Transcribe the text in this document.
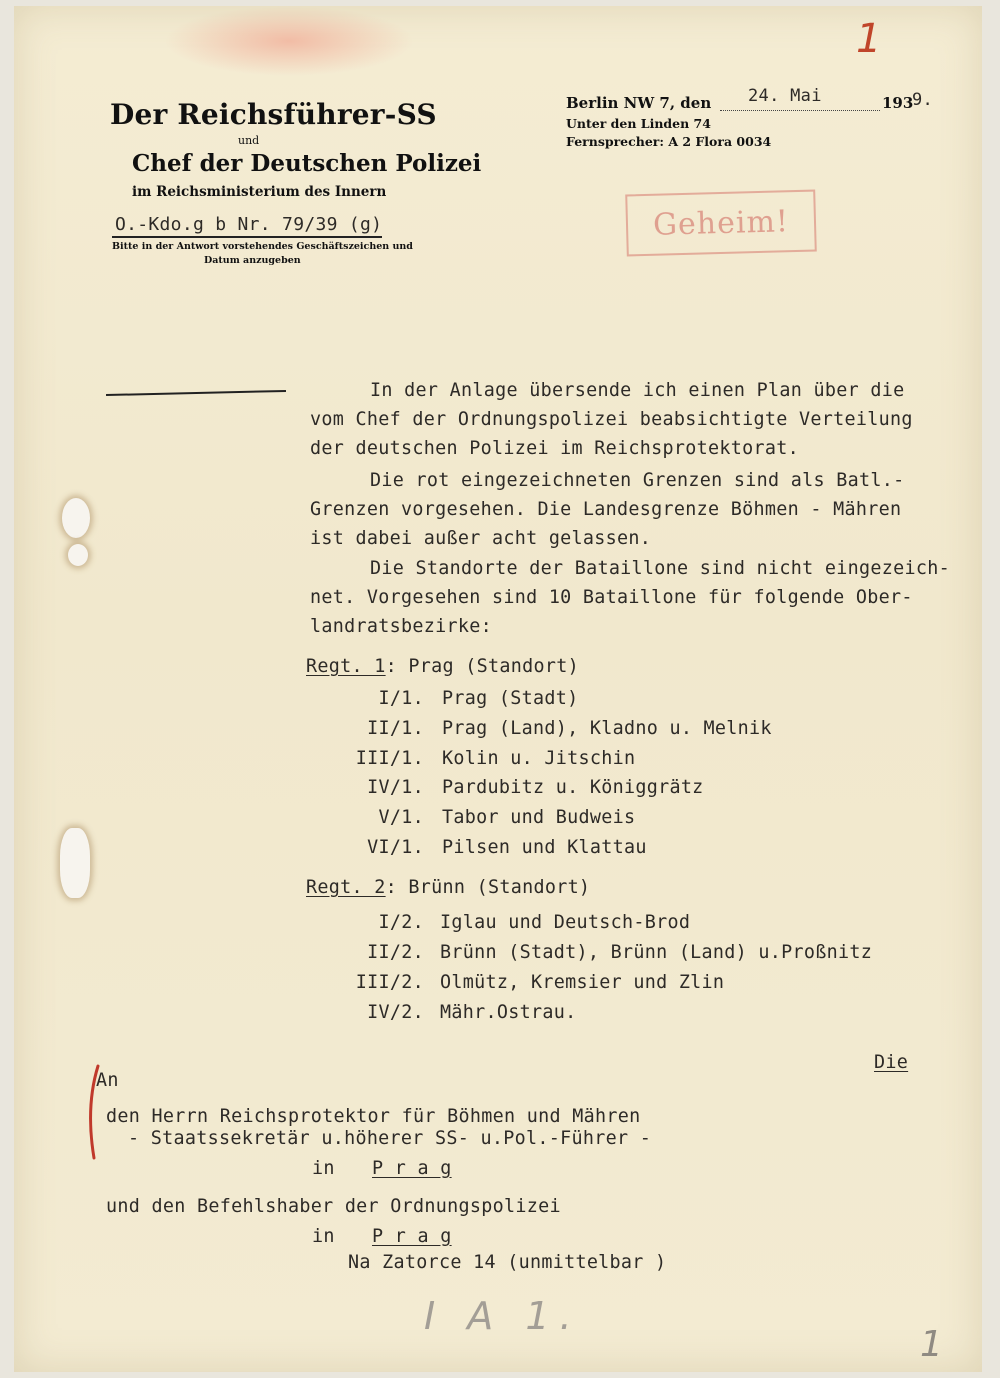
1
Der Reichsführer-SS
und
Chef der Deutschen Polizei
im Reichsministerium des Innern
O.-Kdo.g b Nr. 79/39 (g)
Bitte in der Antwort vorstehendes Geschäftszeichen und
Datum anzugeben
Berlin NW 7, den 24. Mai	193
9.
Unter den Linden 74
Fernsprecher: A 2 Flora 0034
Geheim!
In der Anlage übersende ich einen Plan über die
vom Chef der Ordnungspolizei beabsichtigte Verteilung
der deutschen Polizei im Reichsprotektorat.
Die rot eingezeichneten Grenzen sind als Batl.-
Grenzen vorgesehen. Die Landesgrenze Böhmen - Mähren
ist dabei außer acht gelassen.
Die Standorte der Bataillone sind nicht eingezeich-
net. Vorgesehen sind 10 Bataillone für folgende Ober-
landratsbezirke:
Regt. 1: Prag (Standort)
I/1. Prag (Stadt)
II/1. Prag (Land), Kladno u. Melnik
III/1. Kolin u. Jitschin
IV/1. Pardubitz u. Königgrätz
V/1. Tabor und Budweis
VI/1. Pilsen und Klattau
Regt. 2: Brünn (Standort)
I/2. Iglau und Deutsch-Brod
II/2. Brünn (Stadt), Brünn (Land) u.Proßnitz
III/2. Olmütz, Kremsier und Zlin
IV/2. Mähr.Ostrau.
Die
An
den Herrn Reichsprotektor für Böhmen und Mähren
- Staatssekretär u.höherer SS- u.Pol.-Führer -
in P r a g
und den Befehlshaber der Ordnungspolizei
in P r a g
Na Zatorce 14 (unmittelbar )
I A 1.
1
